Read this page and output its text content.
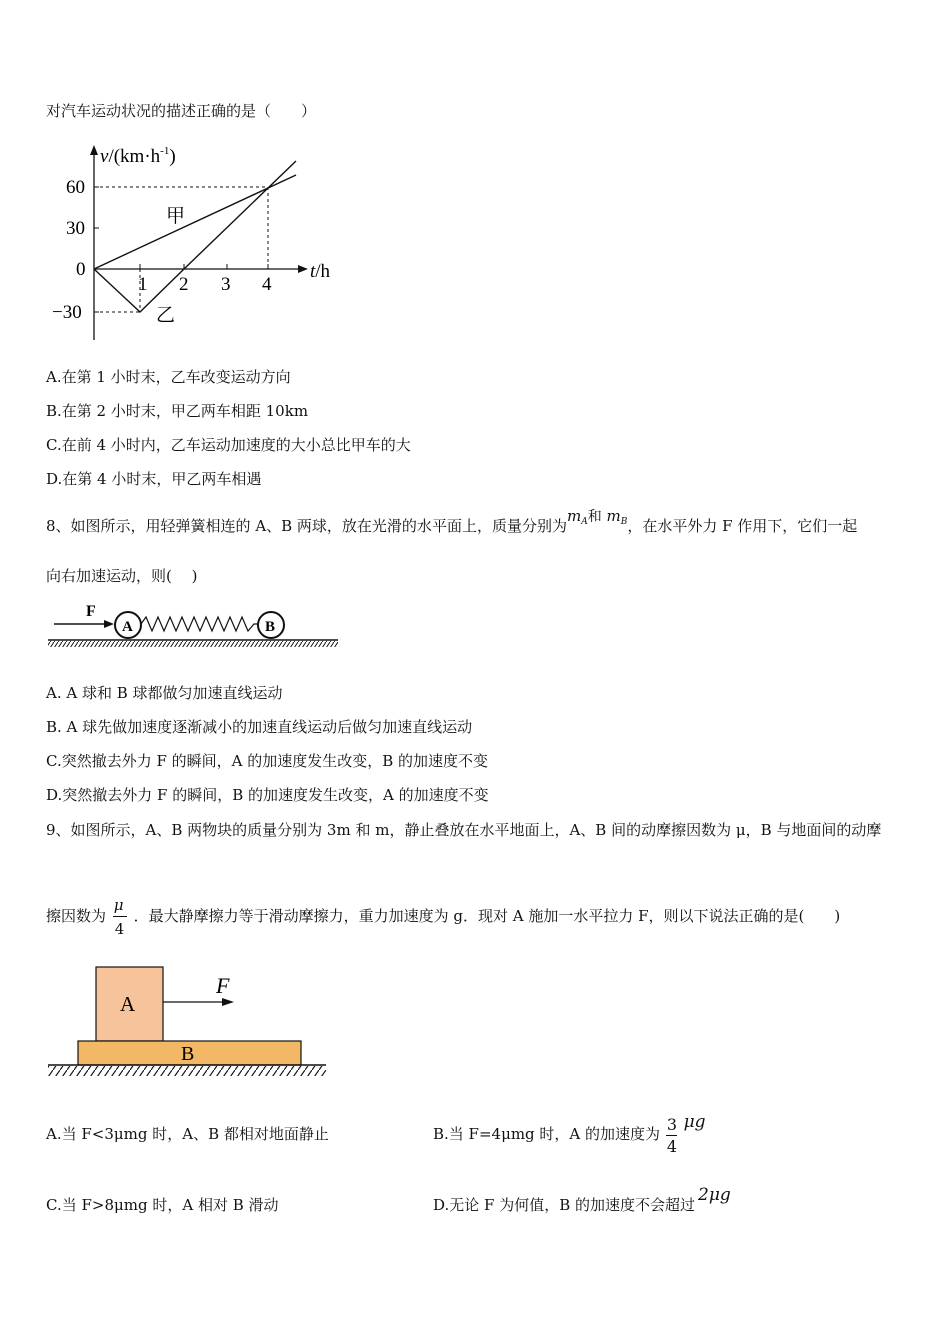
对汽车运动状况的描述正确的是（　　）
$v/(km\cdot h^{-1})$
60
30
0
−30
1 2 3 4
t/h
甲
乙
A.在第 1 小时末，乙车改变运动方向
B.在第 2 小时末，甲乙两车相距 10km
C.在前 4 小时内，乙车运动加速度的大小总比甲车的大
D.在第 4 小时末，甲乙两车相遇
8、如图所示，用轻弹簧相连的 A、B 两球，放在光滑的水平面上，质量分别为$m_A$和 $m_B$，在水平外力 F 作用下，它们一起
向右加速运动，则(　 )
F
A	B
A. A 球和 B 球都做匀加速直线运动
B. A 球先做加速度逐渐减小的加速直线运动后做匀加速直线运动
C.突然撤去外力 F 的瞬间，A 的加速度发生改变，B 的加速度不变
D.突然撤去外力 F 的瞬间，B 的加速度发生改变，A 的加速度不变
9、如图所示，A、B 两物块的质量分别为 3m 和 m，静止叠放在水平地面上，A、B 间的动摩擦因数为 μ，B 与地面间的动摩
擦因数为
$\frac{\mu}{4}$
．最大静摩擦力等于滑动摩擦力，重力加速度为 g．现对 A 施加一水平拉力 F，则以下说法正确的是(　　)
A
B
F
A.当 F<3μmg 时，A、B 都相对地面静止	B.当 F=4μmg 时，A 的加速度为
$\frac{3}{4}$
μg
C.当 F>8μmg 时，A 相对 B 滑动	D.无论 F 为何值，B 的加速度不会超过 2μg
